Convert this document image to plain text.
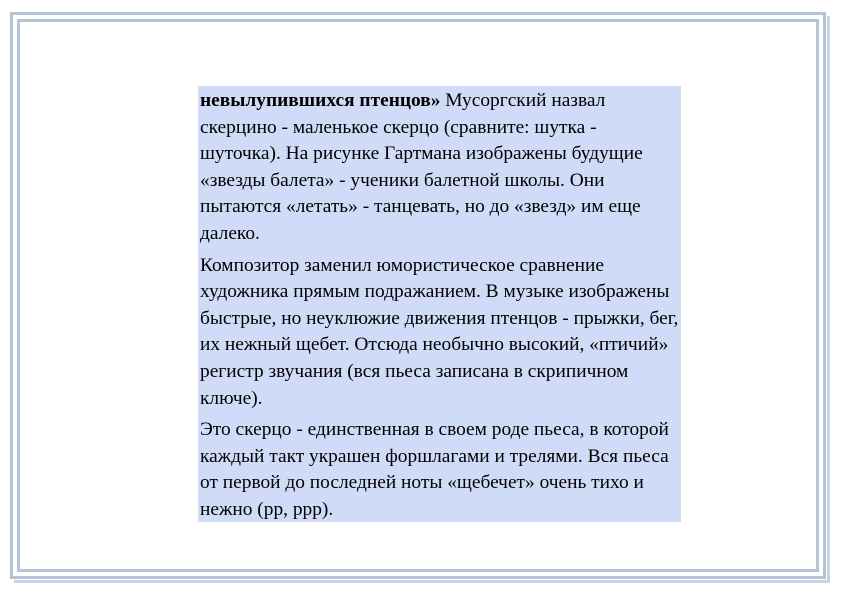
невылупившихся птенцов» Мусоргский назвал скерцино - маленькое скерцо (сравните: шутка - шуточка). На рисунке Гартмана изображены будущие «звезды балета» - ученики балетной школы. Они пытаются «летать» - танцевать, но до «звезд» им еще далеко.

Композитор заменил юмористическое сравнение художника прямым подражанием. В музыке изображены быстрые, но неуклюжие движения птенцов - прыжки, бег, их нежный щебет. Отсюда необычно высокий, «птичий» регистр звучания (вся пьеса записана в скрипичном ключе).

Это скерцо - единственная в своем роде пьеса, в которой каждый такт украшен форшлагами и трелями. Вся пьеса от первой до последней ноты «щебечет» очень тихо и нежно (pp, ppp).
